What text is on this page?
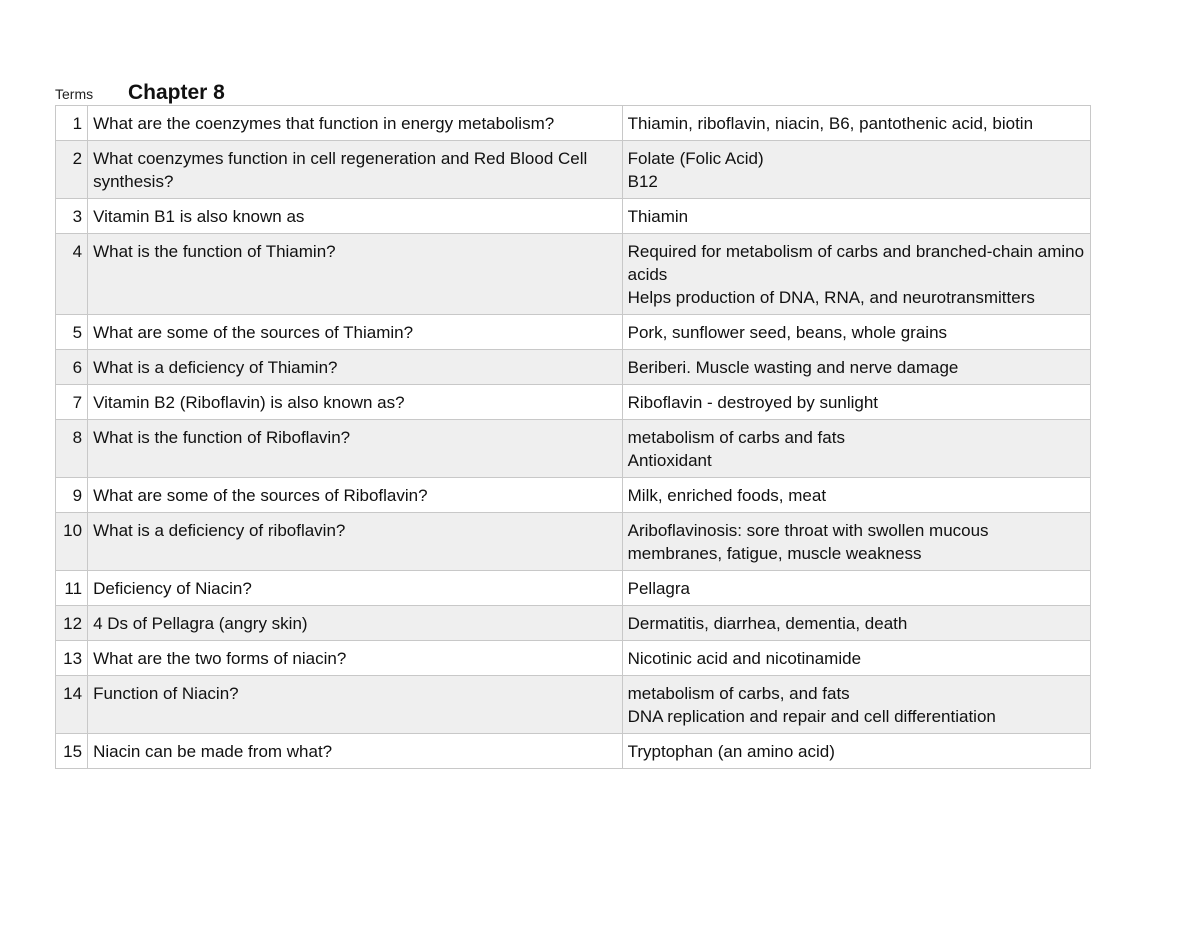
Terms	Chapter 8
1	What are the coenzymes that function in energy metabolism?	Thiamin, riboflavin, niacin, B6, pantothenic acid, biotin
2	What coenzymes function in cell regeneration and Red Blood Cell synthesis?	Folate (Folic Acid)
B12
3	Vitamin B1 is also known as	Thiamin
4	What is the function of Thiamin?	Required for metabolism of carbs and branched-chain amino acids
Helps production of DNA, RNA, and neurotransmitters
5	What are some of the sources of Thiamin?	Pork, sunflower seed, beans, whole grains
6	What is a deficiency of Thiamin?	Beriberi. Muscle wasting and nerve damage
7	Vitamin B2 (Riboflavin) is also known as?	Riboflavin - destroyed by sunlight
8	What is the function of Riboflavin?	metabolism of carbs and fats
Antioxidant
9	What are some of the sources of Riboflavin?	Milk, enriched foods, meat
10	What is a deficiency of riboflavin?	Ariboflavinosis: sore throat with swollen mucous membranes, fatigue, muscle weakness
11	Deficiency of Niacin?	Pellagra
12	4 Ds of Pellagra (angry skin)	Dermatitis, diarrhea, dementia, death
13	What are the two forms of niacin?	Nicotinic acid and nicotinamide
14	Function of Niacin?	metabolism of carbs, and fats
DNA replication and repair and cell differentiation
15	Niacin can be made from what?	Tryptophan (an amino acid)
